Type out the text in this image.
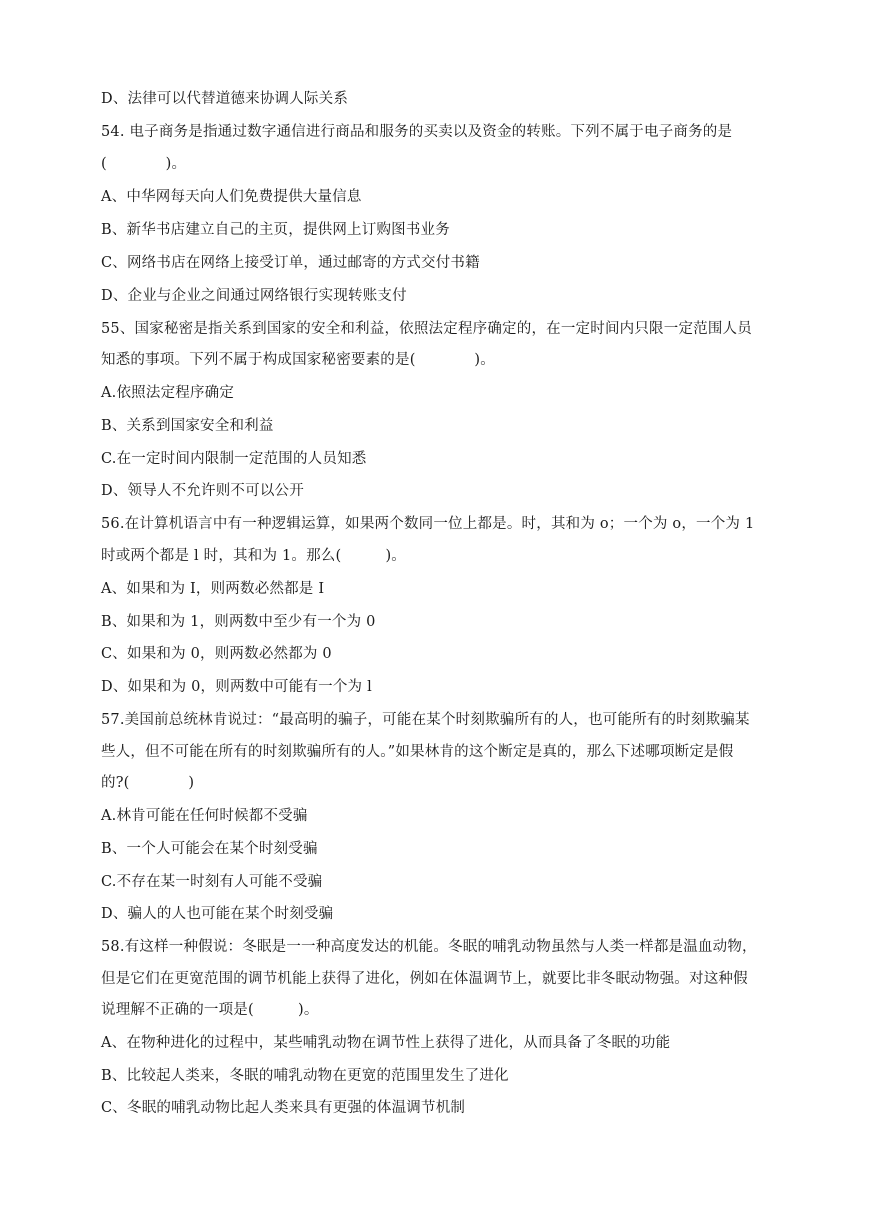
D、法律可以代替道德来协调人际关系
54. 电子商务是指通过数字通信进行商品和服务的买卖以及资金的转账。下列不属于电子商务的是
(　　　　)。
A、中华网每天向人们免费提供大量信息
B、新华书店建立自己的主页，提供网上订购图书业务
C、网络书店在网络上接受订单，通过邮寄的方式交付书籍
D、企业与企业之间通过网络银行实现转账支付
55、国家秘密是指关系到国家的安全和利益，依照法定程序确定的，在一定时间内只限一定范围人员
知悉的事项。下列不属于构成国家秘密要素的是(　　　　)。
A.依照法定程序确定
B、关系到国家安全和利益
C.在一定时间内限制一定范围的人员知悉
D、领导人不允许则不可以公开
56.在计算机语言中有一种逻辑运算，如果两个数同一位上都是。时，其和为 o；一个为 o，一个为 1
时或两个都是 l 时，其和为 1。那么(　　　)。
A、如果和为 I，则两数必然都是 I
B、如果和为 1，则两数中至少有一个为 0
C、如果和为 0，则两数必然都为 0
D、如果和为 0，则两数中可能有一个为 l
57.美国前总统林肯说过：“最高明的骗子，可能在某个时刻欺骗所有的人，也可能所有的时刻欺骗某
些人，但不可能在所有的时刻欺骗所有的人。”如果林肯的这个断定是真的，那么下述哪项断定是假
的?(　　　　)
A.林肯可能在任何时候都不受骗
B、一个人可能会在某个时刻受骗
C.不存在某一时刻有人可能不受骗
D、骗人的人也可能在某个时刻受骗
58.有这样一种假说：冬眠是一一种高度发达的机能。冬眠的哺乳动物虽然与人类一样都是温血动物，
但是它们在更宽范围的调节机能上获得了进化，例如在体温调节上，就要比非冬眠动物强。对这种假
说理解不正确的一项是(　　　)。
A、在物种进化的过程中，某些哺乳动物在调节性上获得了进化，从而具备了冬眠的功能
B、比较起人类来，冬眠的哺乳动物在更宽的范围里发生了进化
C、冬眠的哺乳动物比起人类来具有更强的体温调节机制
